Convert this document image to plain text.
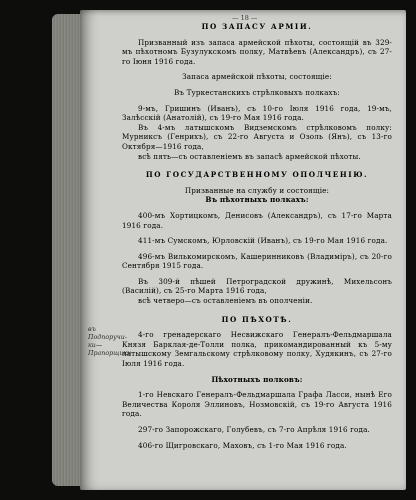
— 18 —
въ Подпоручи-ки—Прапорщики
ПО ЗАПАСУ АРМІИ.
Призванный изъ запаса армейской пѣхоты, состоящій въ 329-мъ пѣхотномъ Бузулукскомъ полку, Матвѣевъ (Александръ), съ 27-го Іюня 1916 года.
Запаса армейской пѣхоты, состоящіе:
Въ Туркестанскихъ стрѣлковыхъ полкахъ:
9-мъ, Гришинъ (Иванъ), съ 10-го Іюля 1916 года, 19-мъ, Залѣсскій (Анатолій), съ 19-го Мая 1916 года.
Въ 4-мъ латышскомъ Видземскомъ стрѣлковомъ полку: Мурниксъ (Генрихъ), съ 22-го Августа и Озоль (Янъ), съ 13-го Октября—1916 года,
всѣ пять—съ оставленіемъ въ запасѣ армейской пѣхоты.
ПО ГОСУДАРСТВЕННОМУ ОПОЛЧЕНІЮ.
Призванные на службу и состоящіе:
Въ пѣхотныхъ полкахъ:
400-мъ Хортицкомъ, Денисовъ (Александръ), съ 17-го Марта 1916 года.
411-мъ Сумскомъ, Юрловскій (Иванъ), съ 19-го Мая 1916 года.
496-мъ Вилькомирскомъ, Кашеринниковъ (Владиміръ), съ 20-го Сентября 1915 года.
Въ 309-й пѣшей Петроградской дружинѣ, Михельсонъ (Василій), съ 25-го Марта 1916 года,
всѣ четверо—съ оставленіемъ въ ополченіи.
ПО ПѢХОТѢ.
4-го гренадерскаго Несвижскаго Генералъ-Фельдмаршала Князя Барклая-де-Толли полка, прикомандированный къ 5-му латышскому Земгальскому стрѣлковому полку, Худякинъ, съ 27-го Іюля 1916 года.
Пѣхотныхъ полковъ:
1-го Невскаго Генералъ-Фельдмаршала Графа Ласси, нынѣ Его Величества Короля Эллиновъ, Нозмовскій, съ 19-го Августа 1916 года.
297-го Запорожскаго, Голубевъ, съ 7-го Апрѣля 1916 года.
406-го Щигровскаго, Маховъ, съ 1-го Мая 1916 года.
